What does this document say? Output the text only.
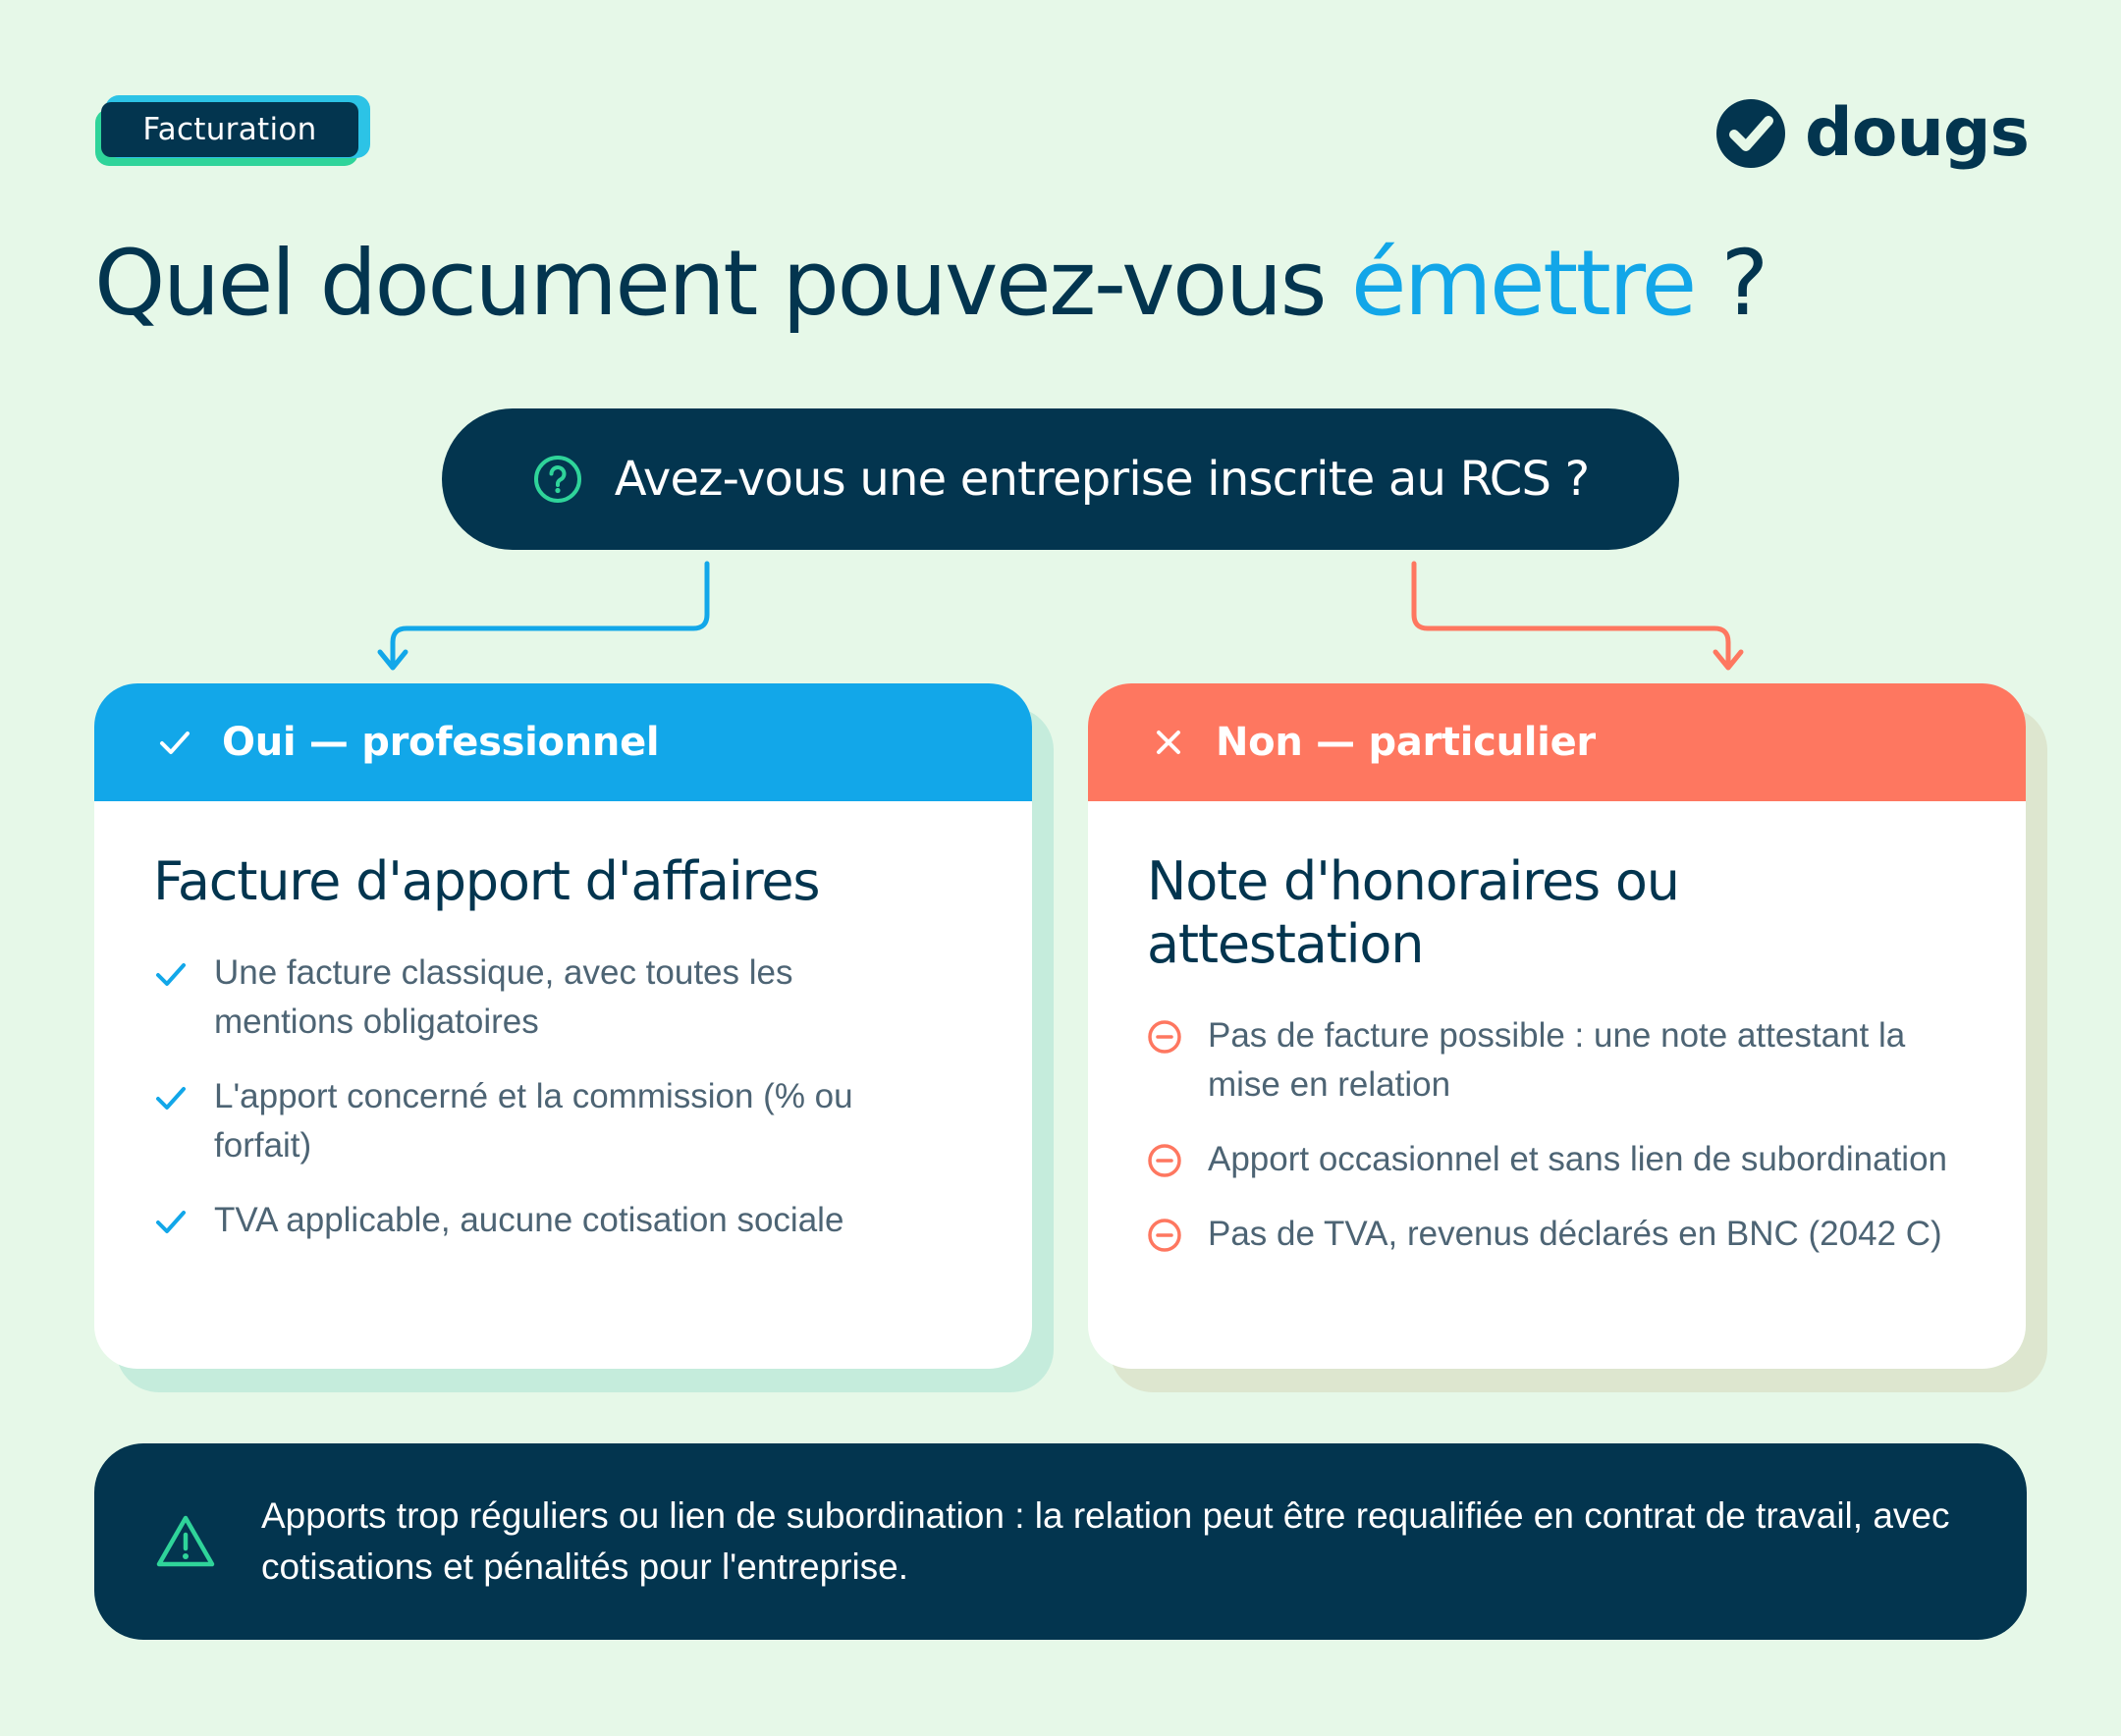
Facturation	dougs
Quel document pouvez-vous émettre ?
Avez-vous une entreprise inscrite au RCS ?
Oui — professionnel
Facture d'apport d'affaires
Une facture classique, avec toutes les mentions obligatoires
L'apport concerné et la commission (% ou forfait)
TVA applicable, aucune cotisation sociale
Non — particulier
Note d'honoraires ou attestation
Pas de facture possible : une note attestant la mise en relation
Apport occasionnel et sans lien de subordination
Pas de TVA, revenus déclarés en BNC (2042 C)
Apports trop réguliers ou lien de subordination : la relation peut être requalifiée en contrat de travail, avec cotisations et pénalités pour l'entreprise.
